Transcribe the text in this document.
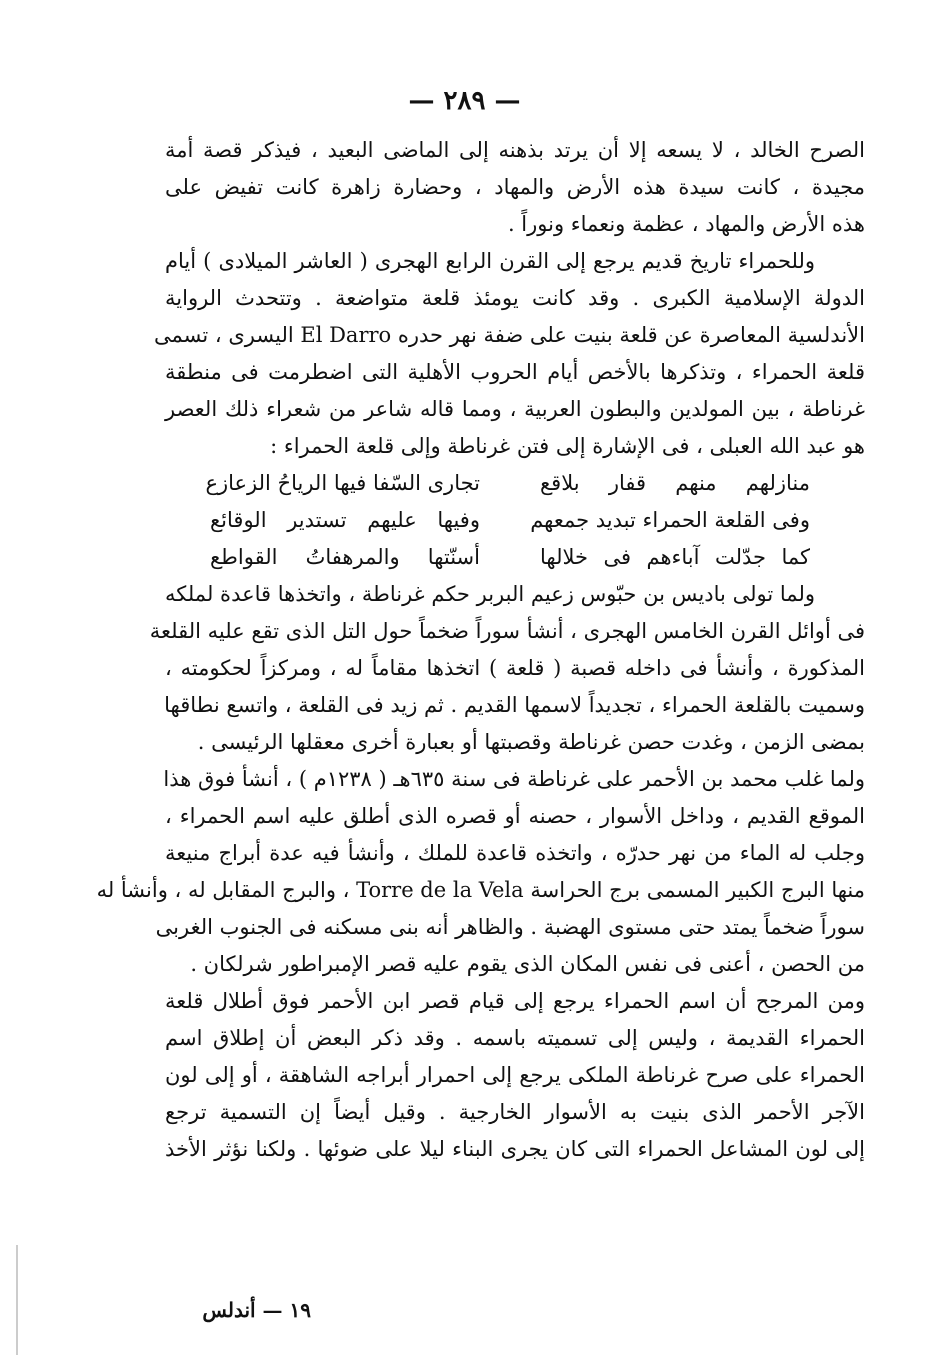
— ٢٨٩ —
الصرح الخالد ، لا يسعه إلا أن يرتد بذهنه إلى الماضى البعيد ، فيذكر قصة أمة
مجيدة ، كانت سيدة هذه الأرض والمهاد ، وحضارة زاهرة كانت تفيض على
هذه الأرض والمهاد ، عظمة ونعماء ونوراً .
وللحمراء تاريخ قديم يرجع إلى القرن الرابع الهجرى ( العاشر الميلادى ) أيام
الدولة الإسلامية الكبرى . وقد كانت يومئذ قلعة متواضعة . وتتحدث الرواية
الأندلسية المعاصرة عن قلعة بنيت على ضفة نهر حدره El Darro اليسرى ، تسمى
قلعة الحمراء ، وتذكرها بالأخص أيام الحروب الأهلية التى اضطرمت فى منطقة
غرناطة ، بين المولدين والبطون العربية ، ومما قاله شاعر من شعراء ذلك العصر
هو عبد الله العبلى ، فى الإشارة إلى فتن غرناطة وإلى قلعة الحمراء :
منازلهم منهم قفار بلاقع
تجارى السّفا فيها الرياحُ الزعازع
وفى القلعة الحمراء تبديد جمعهم
وفيها عليهم تستدير الوقائع
كما جدّلت آباءهم فى خلالها
أسنّتها والمرهفاتُ القواطع
ولما تولى باديس بن حبّوس زعيم البربر حكم غرناطة ، واتخذها قاعدة لملكه
فى أوائل القرن الخامس الهجرى ، أنشأ سوراً ضخماً حول التل الذى تقع عليه القلعة
المذكورة ، وأنشأ فى داخله قصبة ( قلعة ) اتخذها مقاماً له ، ومركزاً لحكومته ،
وسميت بالقلعة الحمراء ، تجديداً لاسمها القديم . ثم زيد فى القلعة ، واتسع نطاقها
بمضى الزمن ، وغدت حصن غرناطة وقصبتها أو بعبارة أخرى معقلها الرئيسى .
ولما غلب محمد بن الأحمر على غرناطة فى سنة ٦٣٥هـ ( ١٢٣٨م ) ، أنشأ فوق هذا
الموقع القديم ، وداخل الأسوار ، حصنه أو قصره الذى أطلق عليه اسم الحمراء ،
وجلب له الماء من نهر حدرّه ، واتخذه قاعدة للملك ، وأنشأ فيه عدة أبراج منيعة
منها البرج الكبير المسمى برج الحراسة Torre de la Vela ، والبرج المقابل له ، وأنشأ له
سوراً ضخماً يمتد حتى مستوى الهضبة . والظاهر أنه بنى مسكنه فى الجنوب الغربى
من الحصن ، أعنى فى نفس المكان الذى يقوم عليه قصر الإمبراطور شرلكان .
ومن المرجح أن اسم الحمراء يرجع إلى قيام قصر ابن الأحمر فوق أطلال قلعة
الحمراء القديمة ، وليس إلى تسميته باسمه . وقد ذكر البعض أن إطلاق اسم
الحمراء على صرح غرناطة الملكى يرجع إلى احمرار أبراجه الشاهقة ، أو إلى لون
الآجر الأحمر الذى بنيت به الأسوار الخارجية . وقيل أيضاً إن التسمية ترجع
إلى لون المشاعل الحمراء التى كان يجرى البناء ليلا على ضوئها . ولكنا نؤثر الأخذ
١٩ — أندلس
